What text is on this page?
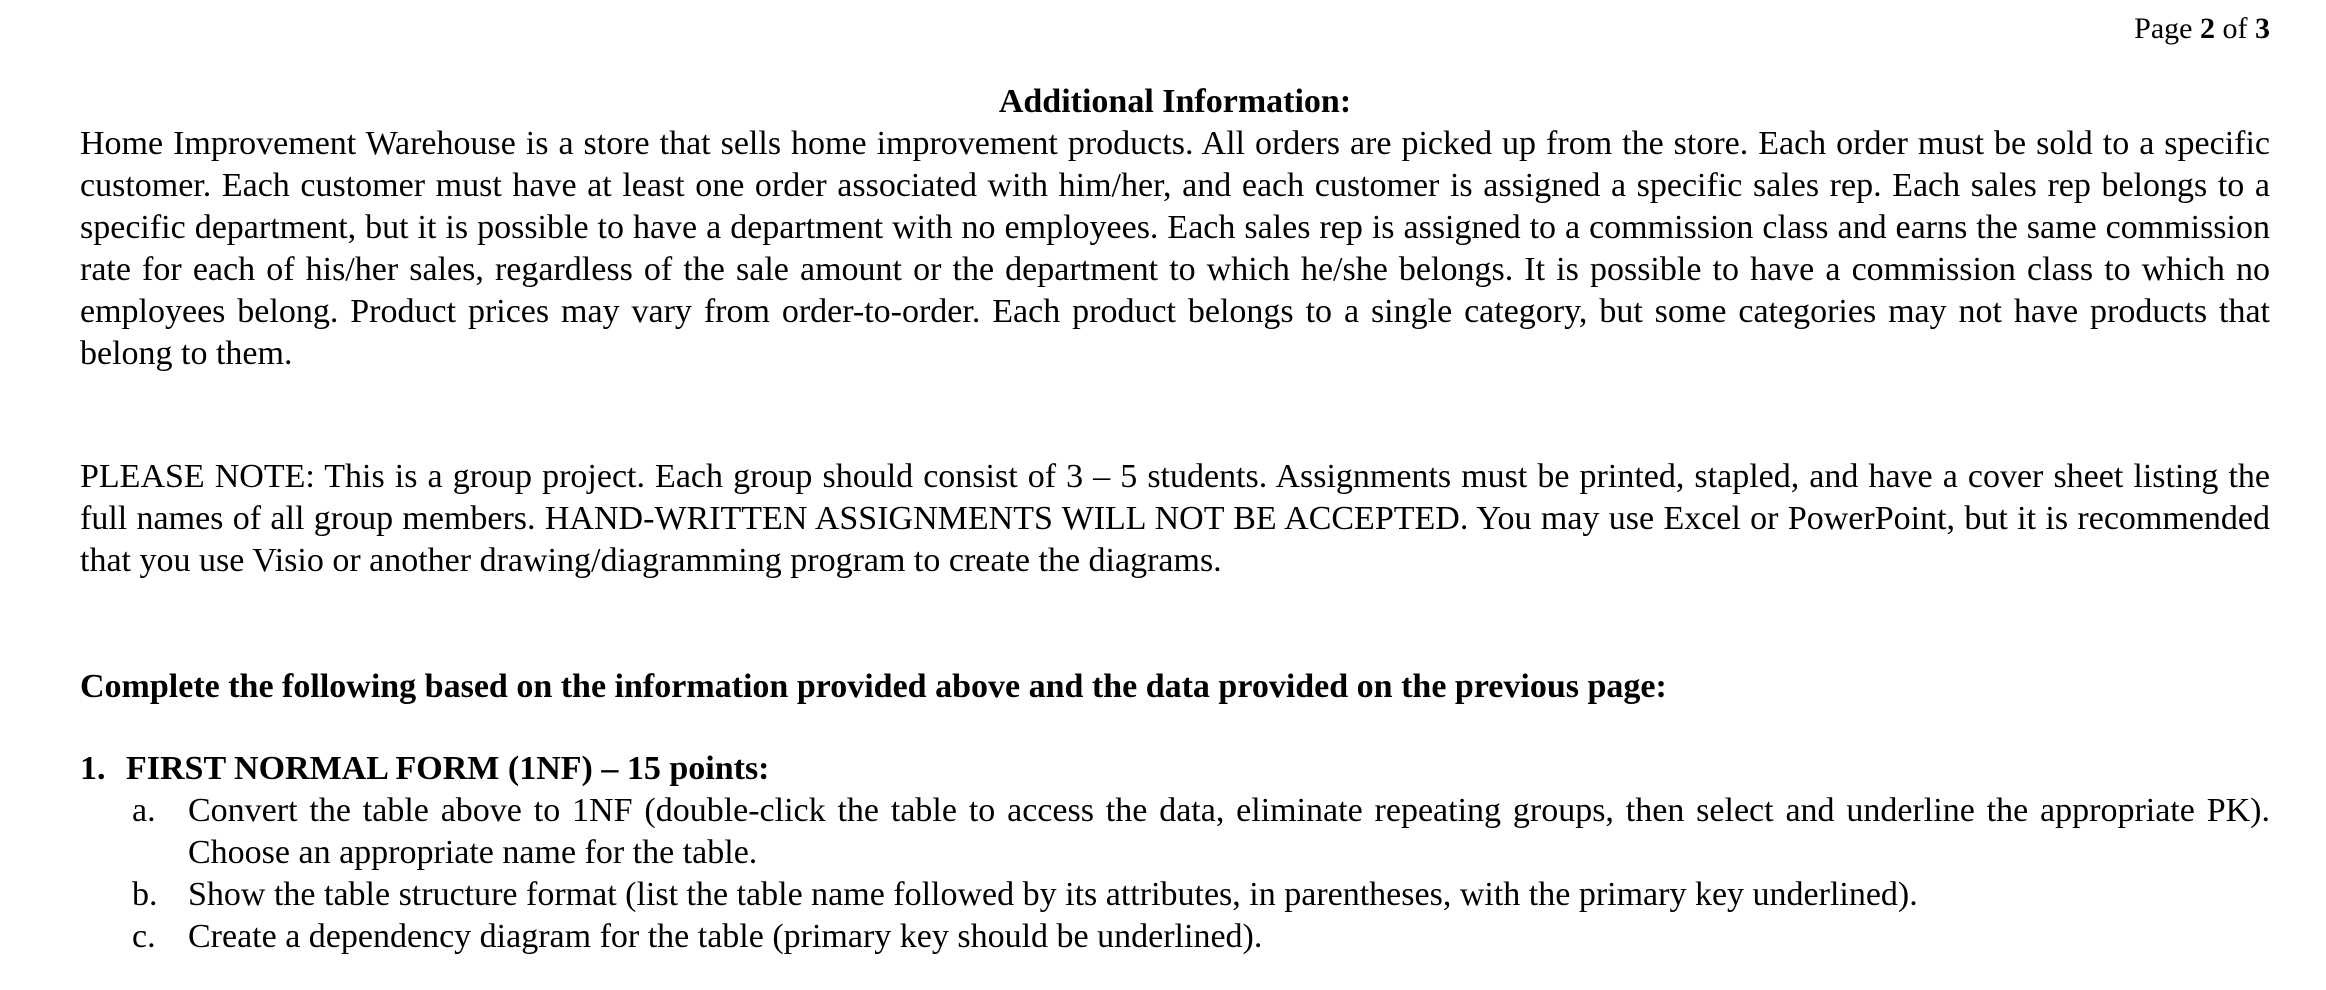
Page 2 of 3
Additional Information:
Home Improvement Warehouse is a store that sells home improvement products. All orders are picked up from the store. Each order must be sold to a specific customer. Each customer must have at least one order associated with him/her, and each customer is assigned a specific sales rep. Each sales rep belongs to a specific department, but it is possible to have a department with no employees. Each sales rep is assigned to a commission class and earns the same commission rate for each of his/her sales, regardless of the sale amount or the department to which he/she belongs. It is possible to have a commission class to which no employees belong. Product prices may vary from order-to-order. Each product belongs to a single category, but some categories may not have products that belong to them.
PLEASE NOTE: This is a group project. Each group should consist of 3 – 5 students. Assignments must be printed, stapled, and have a cover sheet listing the full names of all group members. HAND-WRITTEN ASSIGNMENTS WILL NOT BE ACCEPTED. You may use Excel or PowerPoint, but it is recommended that you use Visio or another drawing/diagramming program to create the diagrams.
Complete the following based on the information provided above and the data provided on the previous page:
1. FIRST NORMAL FORM (1NF) – 15 points:
a. Convert the table above to 1NF (double-click the table to access the data, eliminate repeating groups, then select and underline the appropriate PK). Choose an appropriate name for the table.
b. Show the table structure format (list the table name followed by its attributes, in parentheses, with the primary key underlined).
c. Create a dependency diagram for the table (primary key should be underlined).
